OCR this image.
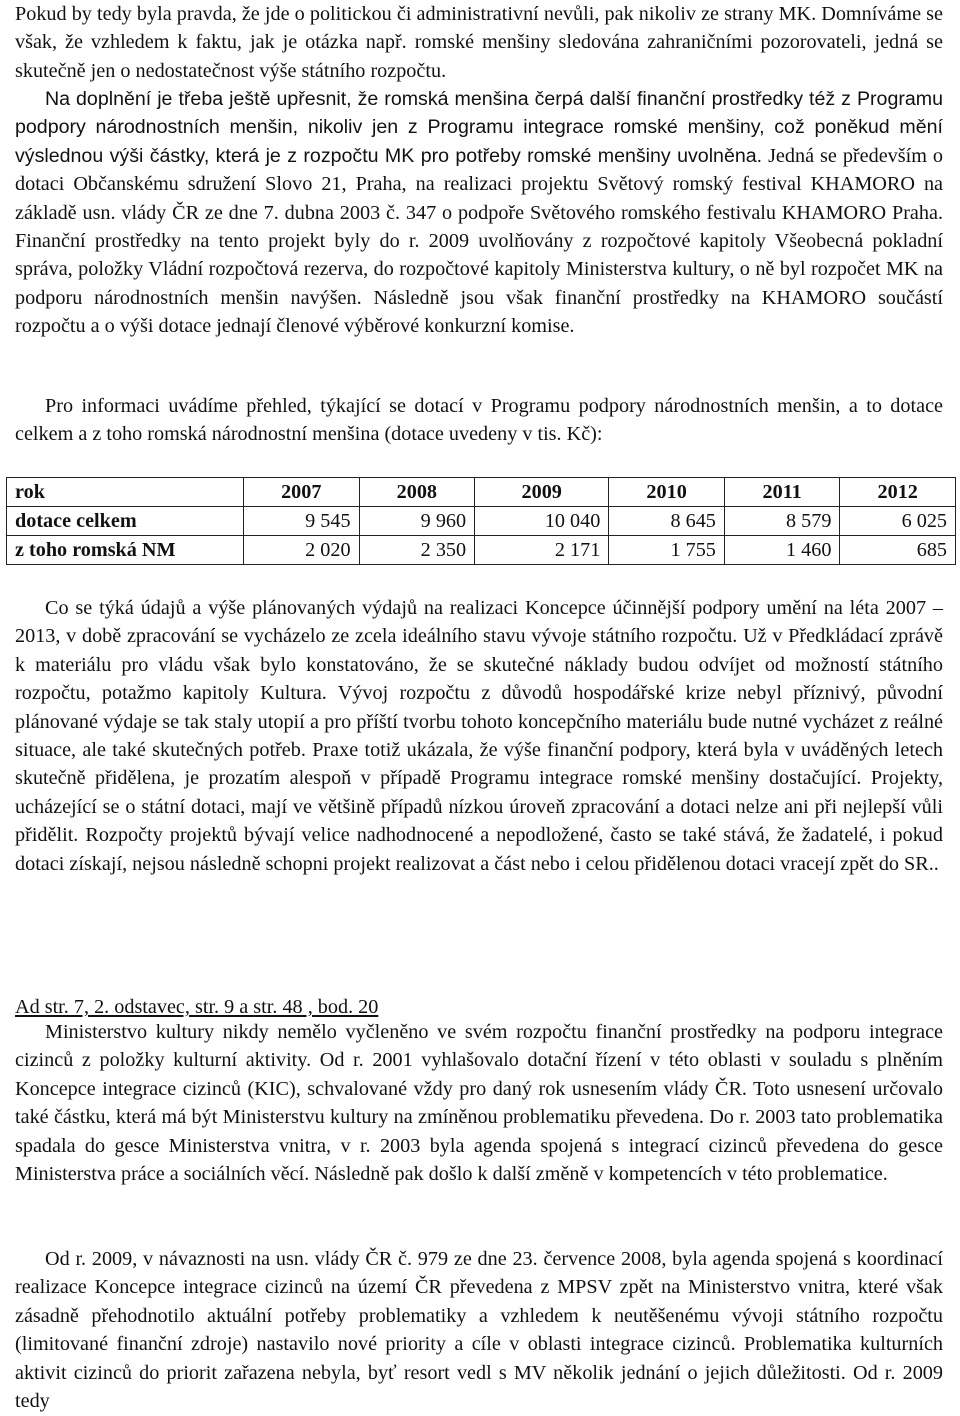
Pokud by tedy byla pravda, že jde o politickou či administrativní nevůli, pak nikoliv ze strany MK. Domníváme se však, že vzhledem k faktu, jak je otázka např. romské menšiny sledována zahraničními pozorovateli, jedná se skutečně jen o nedostatečnost výše státního rozpočtu.

Na doplnění je třeba ještě upřesnit, že romská menšina čerpá další finanční prostředky též z Programu podpory národnostních menšin, nikoliv jen z Programu integrace romské menšiny, což poněkud mění výslednou výši částky, která je z rozpočtu MK pro potřeby romské menšiny uvolněna. Jedná se především o dotaci Občanskému sdružení Slovo 21, Praha, na realizaci projektu Světový romský festival KHAMORO na základě usn. vlády ČR ze dne 7. dubna 2003 č. 347 o podpoře Světového romského festivalu KHAMORO Praha. Finanční prostředky na tento projekt byly do r. 2009 uvolňovány z rozpočtové kapitoly Všeobecná pokladní správa, položky Vládní rozpočtová rezerva, do rozpočtové kapitoly Ministerstva kultury, o ně byl rozpočet MK na podporu národnostních menšin navýšen. Následně jsou však finanční prostředky na KHAMORO součástí rozpočtu a o výši dotace jednají členové výběrové konkurzní komise.

Pro informaci uvádíme přehled, týkající se dotací v Programu podpory národnostních menšin, a to dotace celkem a z toho romská národnostní menšina (dotace uvedeny v tis. Kč):

rok	2007	2008	2009	2010	2011	2012
dotace celkem	9 545	9 960	10 040	8 645	8 579	6 025
z toho romská NM	2 020	2 350	2 171	1 755	1 460	685

Co se týká údajů a výše plánovaných výdajů na realizaci Koncepce účinnější podpory umění na léta 2007 – 2013, v době zpracování se vycházelo ze zcela ideálního stavu vývoje státního rozpočtu. Už v Předkládací zprávě k materiálu pro vládu však bylo konstatováno, že se skutečné náklady budou odvíjet od možností státního rozpočtu, potažmo kapitoly Kultura. Vývoj rozpočtu z důvodů hospodářské krize nebyl příznivý, původní plánované výdaje se tak staly utopií a pro příští tvorbu tohoto koncepčního materiálu bude nutné vycházet z reálné situace, ale také skutečných potřeb. Praxe totiž ukázala, že výše finanční podpory, která byla v uváděných letech skutečně přidělena, je prozatím alespoň v případě Programu integrace romské menšiny dostačující. Projekty, ucházející se o státní dotaci, mají ve většině případů nízkou úroveň zpracování a dotaci nelze ani při nejlepší vůli přidělit. Rozpočty projektů bývají velice nadhodnocené a nepodložené, často se také stává, že žadatelé, i pokud dotaci získají, nejsou následně schopni projekt realizovat a část nebo i celou přidělenou dotaci vracejí zpět do SR..

Ad str. 7, 2. odstavec, str. 9 a str. 48 , bod. 20

Ministerstvo kultury nikdy nemělo vyčleněno ve svém rozpočtu finanční prostředky na podporu integrace cizinců z položky kulturní aktivity. Od r. 2001 vyhlašovalo dotační řízení v této oblasti v souladu s plněním Koncepce integrace cizinců (KIC), schvalované vždy pro daný rok usnesením vlády ČR. Toto usnesení určovalo také částku, která má být Ministerstvu kultury na zmíněnou problematiku převedena. Do r. 2003 tato problematika spadala do gesce Ministerstva vnitra, v r. 2003 byla agenda spojená s integrací cizinců převedena do gesce Ministerstva práce a sociálních věcí. Následně pak došlo k další změně v kompetencích v této problematice.

Od r. 2009, v návaznosti na usn. vlády ČR č. 979 ze dne 23. července 2008, byla agenda spojená s koordinací realizace Koncepce integrace cizinců na území ČR převedena z MPSV zpět na Ministerstvo vnitra, které však zásadně přehodnotilo aktuální potřeby problematiky a vzhledem k neutěšenému vývoji státního rozpočtu (limitované finanční zdroje) nastavilo nové priority a cíle v oblasti integrace cizinců. Problematika kulturních aktivit cizinců do priorit zařazena nebyla, byť resort vedl s MV několik jednání o jejich důležitosti. Od r. 2009 tedy
